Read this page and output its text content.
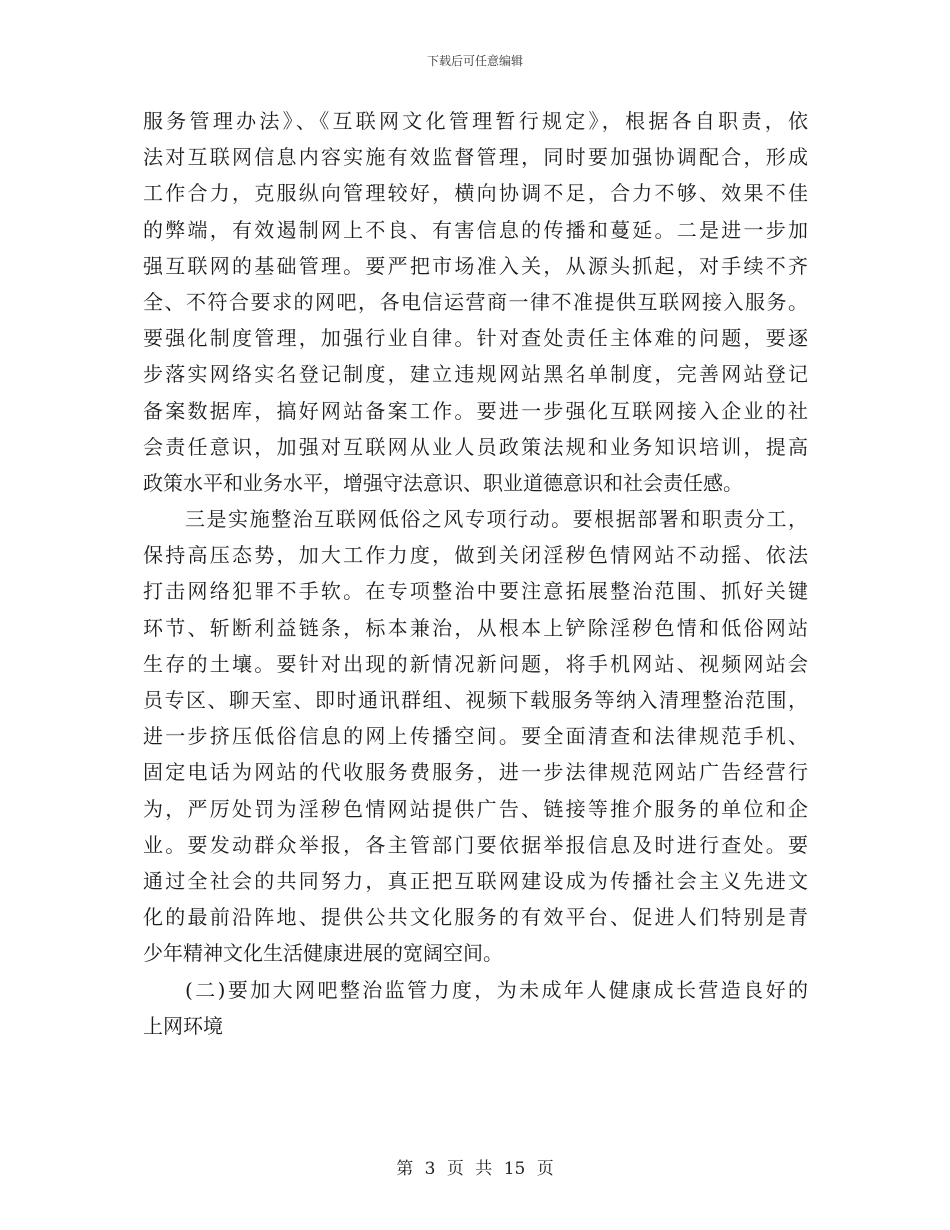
下载后可任意编辑
服务管理办法》、《互联网文化管理暂行规定》，根据各自职责，依
法对互联网信息内容实施有效监督管理，同时要加强协调配合，形成
工作合力，克服纵向管理较好，横向协调不足，合力不够、效果不佳
的弊端，有效遏制网上不良、有害信息的传播和蔓延。二是进一步加
强互联网的基础管理。要严把市场准入关，从源头抓起，对手续不齐
全、不符合要求的网吧，各电信运营商一律不准提供互联网接入服务。
要强化制度管理，加强行业自律。针对查处责任主体难的问题，要逐
步落实网络实名登记制度，建立违规网站黑名单制度，完善网站登记
备案数据库，搞好网站备案工作。要进一步强化互联网接入企业的社
会责任意识，加强对互联网从业人员政策法规和业务知识培训，提高
政策水平和业务水平，增强守法意识、职业道德意识和社会责任感。
三是实施整治互联网低俗之风专项行动。要根据部署和职责分工，
保持高压态势，加大工作力度，做到关闭淫秽色情网站不动摇、依法
打击网络犯罪不手软。在专项整治中要注意拓展整治范围、抓好关键
环节、斩断利益链条，标本兼治，从根本上铲除淫秽色情和低俗网站
生存的土壤。要针对出现的新情况新问题，将手机网站、视频网站会
员专区、聊天室、即时通讯群组、视频下载服务等纳入清理整治范围，
进一步挤压低俗信息的网上传播空间。要全面清查和法律规范手机、
固定电话为网站的代收服务费服务，进一步法律规范网站广告经营行
为，严厉处罚为淫秽色情网站提供广告、链接等推介服务的单位和企
业。要发动群众举报，各主管部门要依据举报信息及时进行查处。要
通过全社会的共同努力，真正把互联网建设成为传播社会主义先进文
化的最前沿阵地、提供公共文化服务的有效平台、促进人们特别是青
少年精神文化生活健康进展的宽阔空间。
(二)要加大网吧整治监管力度，为未成年人健康成长营造良好的
上网环境
第 3 页 共 15 页
